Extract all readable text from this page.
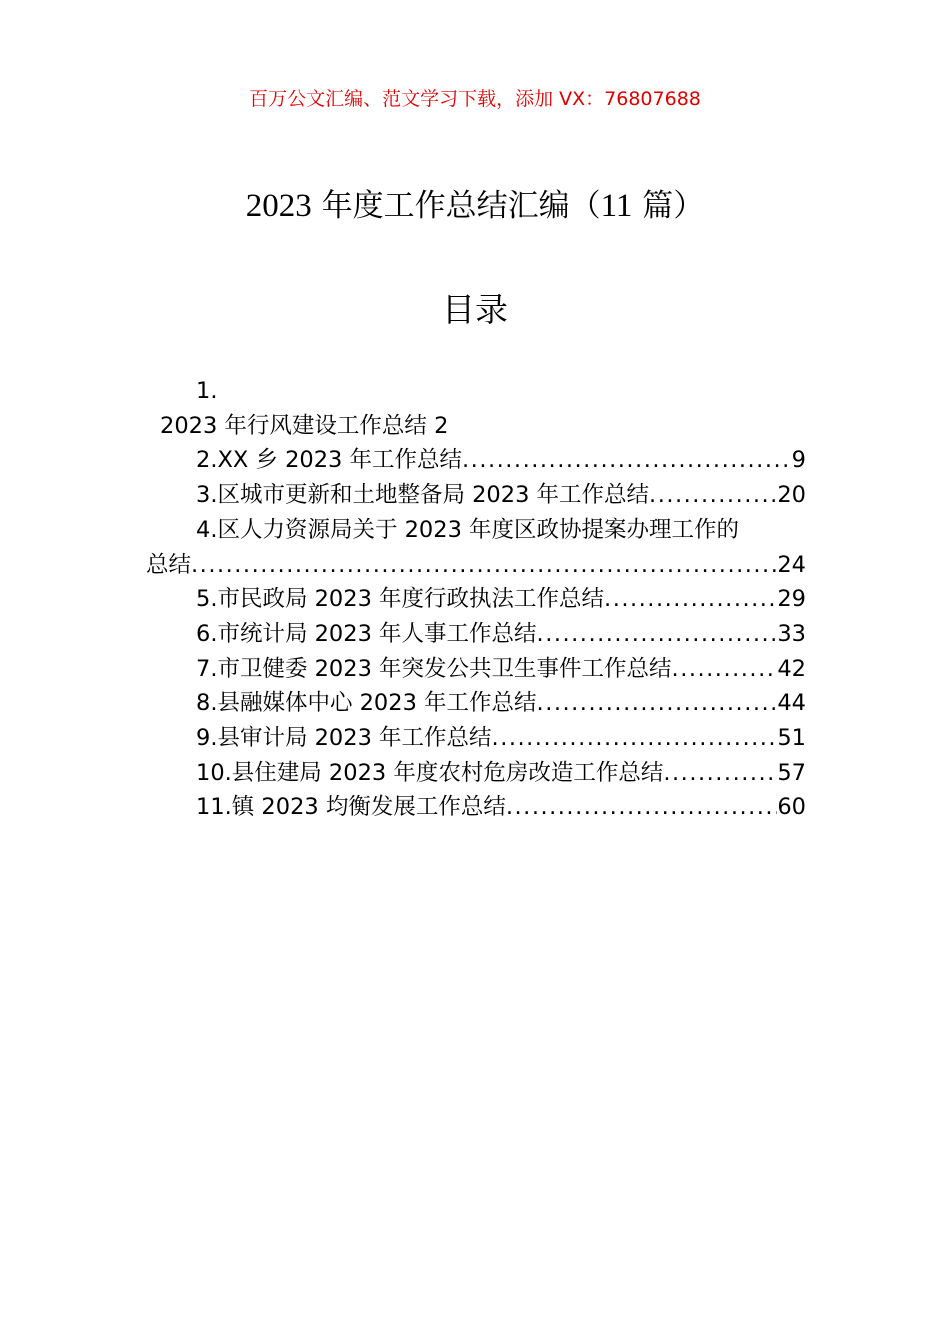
百万公文汇编、范文学习下载，添加 VX：76807688
2023 年度工作总结汇编（11 篇）
目录
1.
2023 年行风建设工作总结 2
2.XX 乡 2023 年工作总结 .....	9
3.区城市更新和土地整备局 2023 年工作总结 .....	20
4.区人力资源局关于 2023 年度区政协提案办理工作的
总结 .....	24
5.市民政局 2023 年度行政执法工作总结 .....	29
6.市统计局 2023 年人事工作总结 .....	33
7.市卫健委 2023 年突发公共卫生事件工作总结 .....	42
8.县融媒体中心 2023 年工作总结 .....	44
9.县审计局 2023 年工作总结 .....	51
10.县住建局 2023 年度农村危房改造工作总结 .....	57
11.镇 2023 均衡发展工作总结 .....	60
